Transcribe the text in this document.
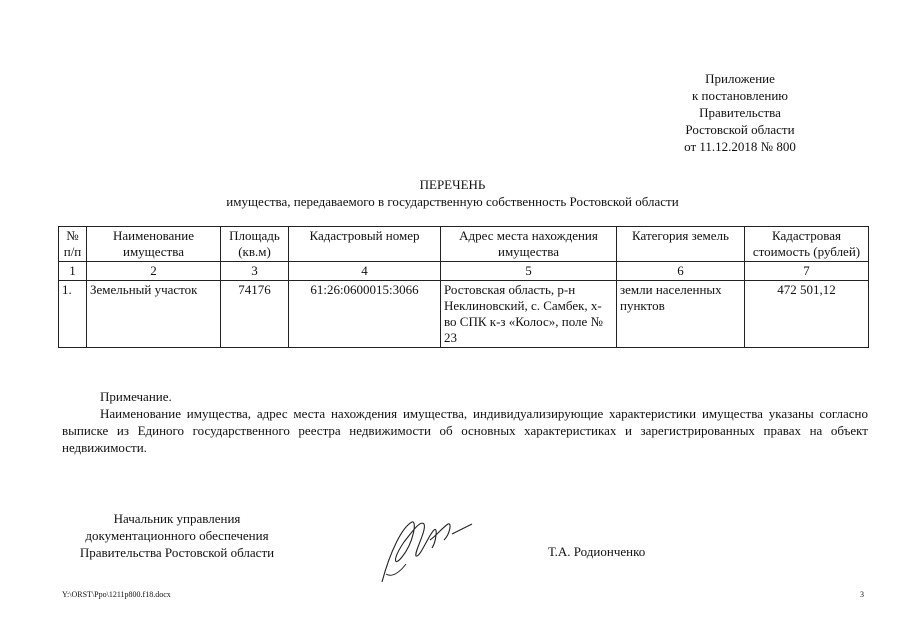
Приложение
к постановлению
Правительства
Ростовской области
от 11.12.2018 № 800
ПЕРЕЧЕНЬ
имущества, передаваемого в государственную собственность Ростовской области
№ п/п	Наименование имущества	Площадь (кв.м)	Кадастровый номер	Адрес места нахождения имущества	Категория земель	Кадастровая стоимость (рублей)
1	2	3	4	5	6	7
1.	Земельный участок	74176	61:26:0600015:3066	Ростовская область, р-н Неклиновский, с. Самбек, х-во СПК к-з «Колос», поле № 23	земли населенных пунктов	472 501,12

Примечание.

Наименование имущества, адрес места нахождения имущества, индивидуализирующие характеристики имущества указаны согласно выписке из Единого государственного реестра недвижимости об основных характеристиках и зарегистрированных правах на объект недвижимости.

Начальник управления
документационного обеспечения
Правительства Ростовской области	Т.А. Родионченко
Y:\ORST\Ppo\1211p800.f18.docx	3
